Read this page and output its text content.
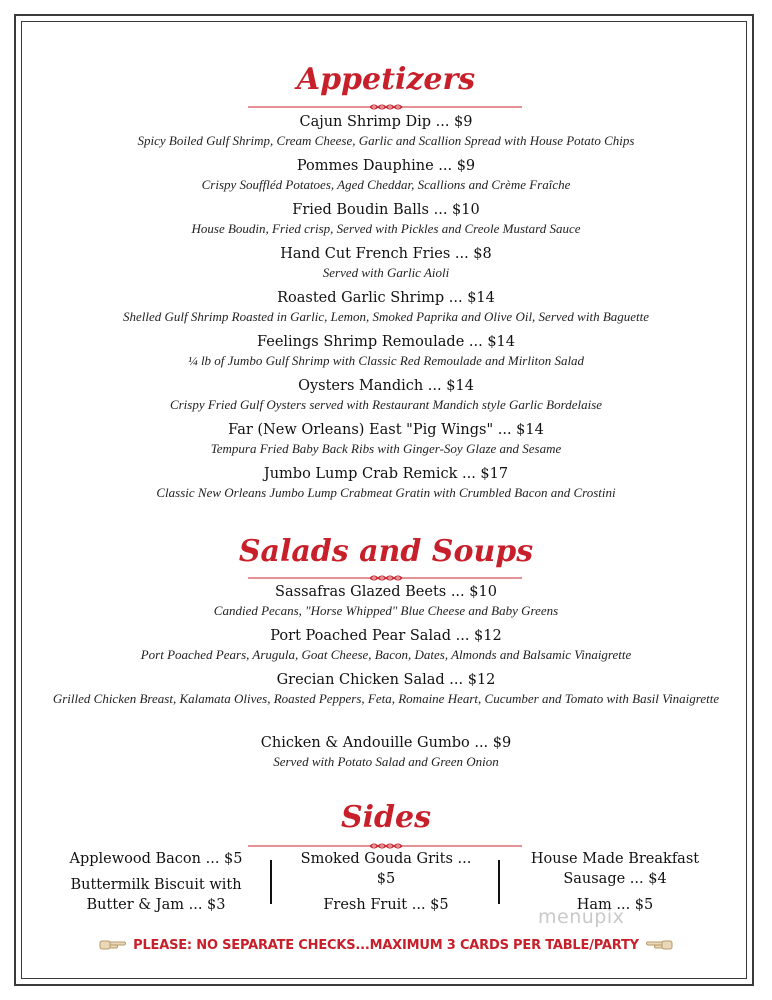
Appetizers
Cajun Shrimp Dip ... $9
Spicy Boiled Gulf Shrimp, Cream Cheese, Garlic and Scallion Spread with House Potato Chips
Pommes Dauphine ... $9
Crispy Souffléd Potatoes, Aged Cheddar, Scallions and Crème Fraîche
Fried Boudin Balls ... $10
House Boudin, Fried crisp, Served with Pickles and Creole Mustard Sauce
Hand Cut French Fries ... $8
Served with Garlic Aioli
Roasted Garlic Shrimp ... $14
Shelled Gulf Shrimp Roasted in Garlic, Lemon, Smoked Paprika and Olive Oil, Served with Baguette
Feelings Shrimp Remoulade ... $14
¼ lb of Jumbo Gulf Shrimp with Classic Red Remoulade and Mirliton Salad
Oysters Mandich ... $14
Crispy Fried Gulf Oysters served with Restaurant Mandich style Garlic Bordelaise
Far (New Orleans) East "Pig Wings" ... $14
Tempura Fried Baby Back Ribs with Ginger-Soy Glaze and Sesame
Jumbo Lump Crab Remick ... $17
Classic New Orleans Jumbo Lump Crabmeat Gratin with Crumbled Bacon and Crostini
Salads and Soups
Sassafras Glazed Beets ... $10
Candied Pecans, "Horse Whipped" Blue Cheese and Baby Greens
Port Poached Pear Salad ... $12
Port Poached Pears, Arugula, Goat Cheese, Bacon, Dates, Almonds and Balsamic Vinaigrette
Grecian Chicken Salad ... $12
Grilled Chicken Breast, Kalamata Olives, Roasted Peppers, Feta, Romaine Heart, Cucumber and Tomato with Basil Vinaigrette
Chicken & Andouille Gumbo ... $9
Served with Potato Salad and Green Onion
Sides
Applewood Bacon ... $5
Buttermilk Biscuit with
Butter & Jam ... $3
Smoked Gouda Grits ...
$5
Fresh Fruit ... $5
House Made Breakfast
Sausage ... $4
Ham ... $5
menupix
PLEASE: NO SEPARATE CHECKS...MAXIMUM 3 CARDS PER TABLE/PARTY
